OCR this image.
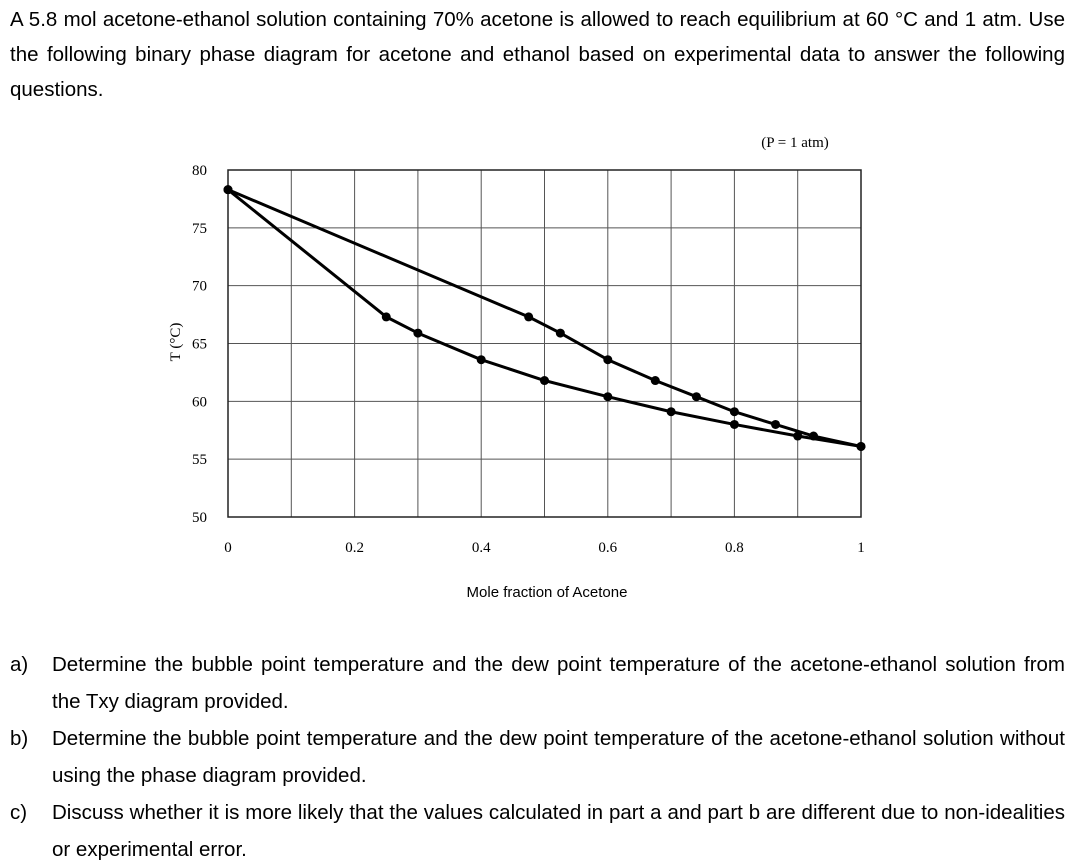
A 5.8 mol acetone-ethanol solution containing 70% acetone is allowed to reach equilibrium at 60 °C and 1 atm. Use the following binary phase diagram for acetone and ethanol based on experimental data to answer the following questions.
(P = 1 atm)
50
55
60
65
70
75
80
0	0.2	0.4	0.6	0.8	1
T (°C)
Mole fraction of Acetone
a)	Determine the bubble point temperature and the dew point temperature of the acetone-ethanol solution from the Txy diagram provided.
b)	Determine the bubble point temperature and the dew point temperature of the acetone-ethanol solution without using the phase diagram provided.
c)	Discuss whether it is more likely that the values calculated in part a and part b are different due to non-idealities or experimental error.
